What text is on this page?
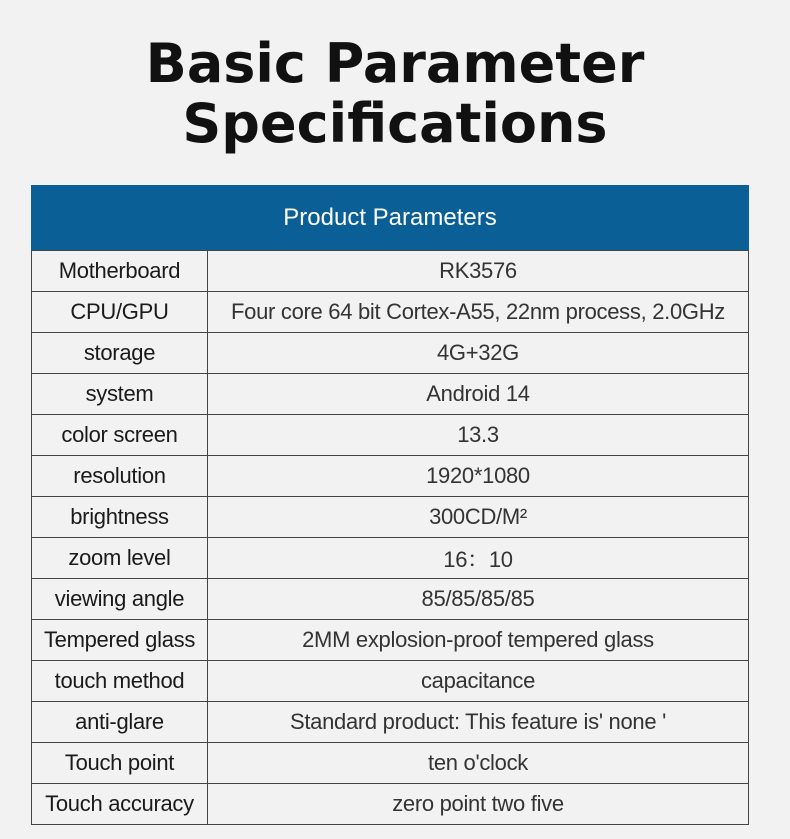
Basic Parameter
Specifications
Product Parameters
Motherboard	RK3576
CPU/GPU	Four core 64 bit Cortex-A55, 22nm process, 2.0GHz
storage	4G+32G
system	Android 14
color screen	13.3
resolution	1920*1080
brightness	300CD/M²
zoom level	16：10
viewing angle	85/85/85/85
Tempered glass	2MM explosion-proof tempered glass
touch method	capacitance
anti-glare	Standard product: This feature is' none '
Touch point	ten o'clock
Touch accuracy	zero point two five
